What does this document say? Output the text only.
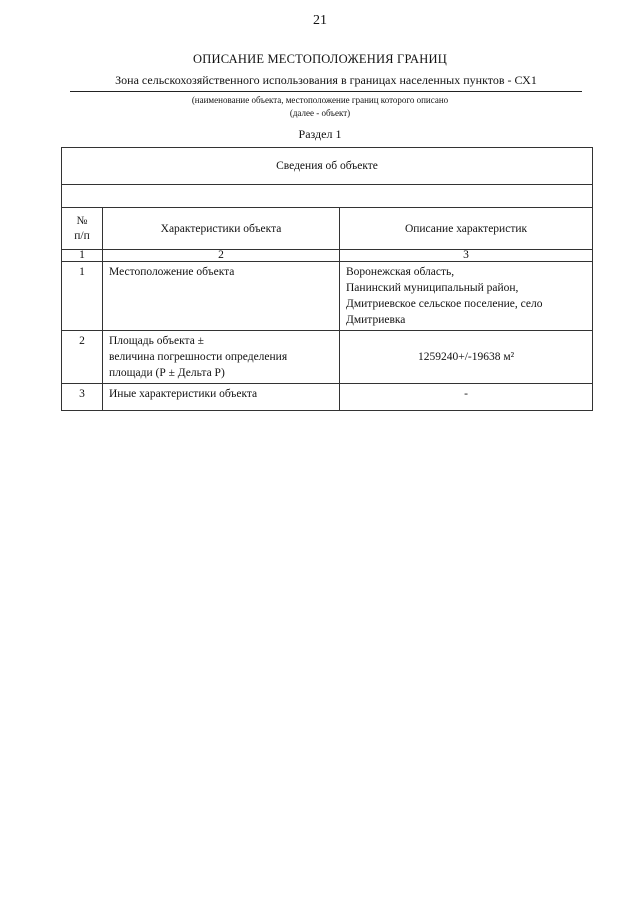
21
ОПИСАНИЕ МЕСТОПОЛОЖЕНИЯ ГРАНИЦ
Зона сельскохозяйственного использования в границах населенных пунктов - СХ1
(наименование объекта, местоположение границ которого описано
(далее - объект)
Раздел 1
Сведения об объекте		

№
п/п	Характеристики объекта	Описание характеристик
1	2	3
1	Местоположение объекта	Воронежская область,
Панинский муниципальный район,
Дмитриевское сельское поселение, село
Дмитриевка

2	Площадь объекта ±
величина погрешности определения
площади (Р ± Дельта Р)	1259240+/-19638 м²
3	Иные характеристики объекта	-
